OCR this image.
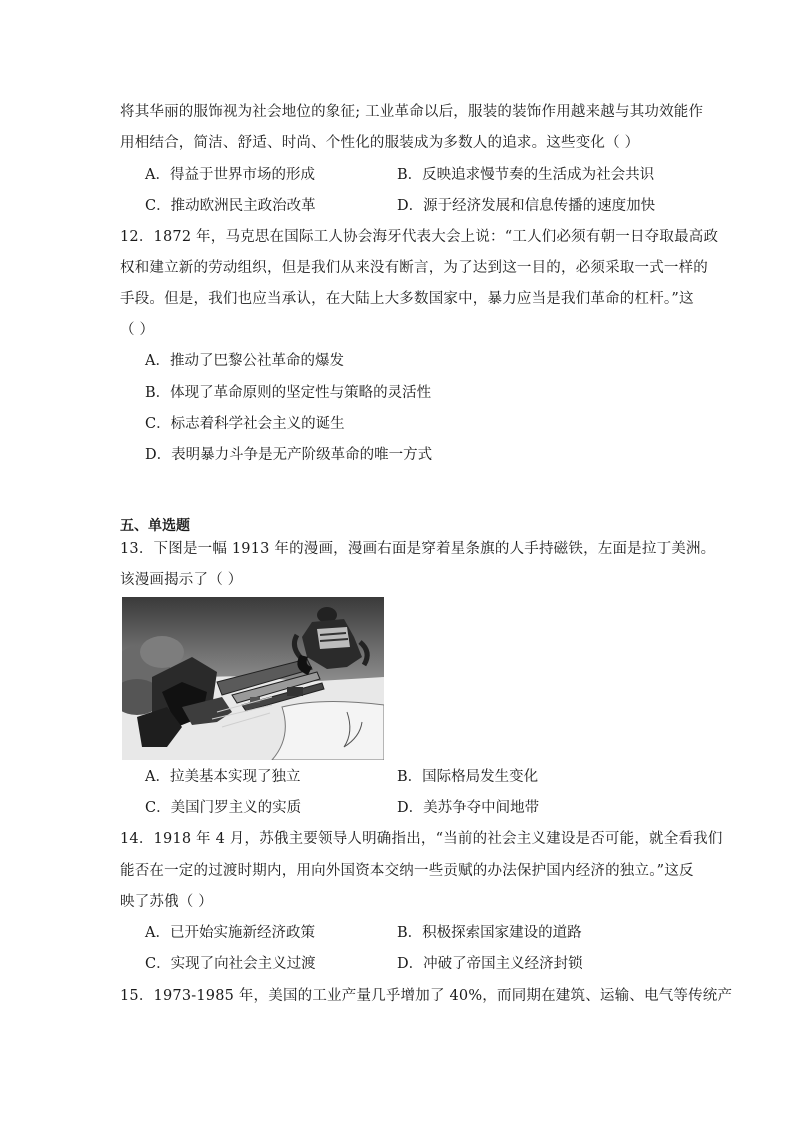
将其华丽的服饰视为社会地位的象征; 工业革命以后，服装的装饰作用越来越与其功效能作
用相结合，简洁、舒适、时尚、个性化的服装成为多数人的追求。这些变化（ ）
A．得益于世界市场的形成	B．反映追求慢节奏的生活成为社会共识
C．推动欧洲民主政治改革	D．源于经济发展和信息传播的速度加快
12．1872 年，马克思在国际工人协会海牙代表大会上说：“工人们必须有朝一日夺取最高政
权和建立新的劳动组织，但是我们从来没有断言，为了达到这一目的，必须采取一式一样的
手段。但是，我们也应当承认，在大陆上大多数国家中，暴力应当是我们革命的杠杆。”这
（ ）
A．推动了巴黎公社革命的爆发
B．体现了革命原则的坚定性与策略的灵活性
C．标志着科学社会主义的诞生
D．表明暴力斗争是无产阶级革命的唯一方式
五、单选题
13．下图是一幅 1913 年的漫画，漫画右面是穿着星条旗的人手持磁铁，左面是拉丁美洲。
该漫画揭示了（ ）
A．拉美基本实现了独立	B．国际格局发生变化
C．美国门罗主义的实质	D．美苏争夺中间地带
14．1918 年 4 月，苏俄主要领导人明确指出，“当前的社会主义建设是否可能，就全看我们
能否在一定的过渡时期内，用向外国资本交纳一些贡赋的办法保护国内经济的独立。”这反
映了苏俄（ ）
A．已开始实施新经济政策	B．积极探索国家建设的道路
C．实现了向社会主义过渡	D．冲破了帝国主义经济封锁
15．1973-1985 年，美国的工业产量几乎增加了 40%，而同期在建筑、运输、电气等传统产
